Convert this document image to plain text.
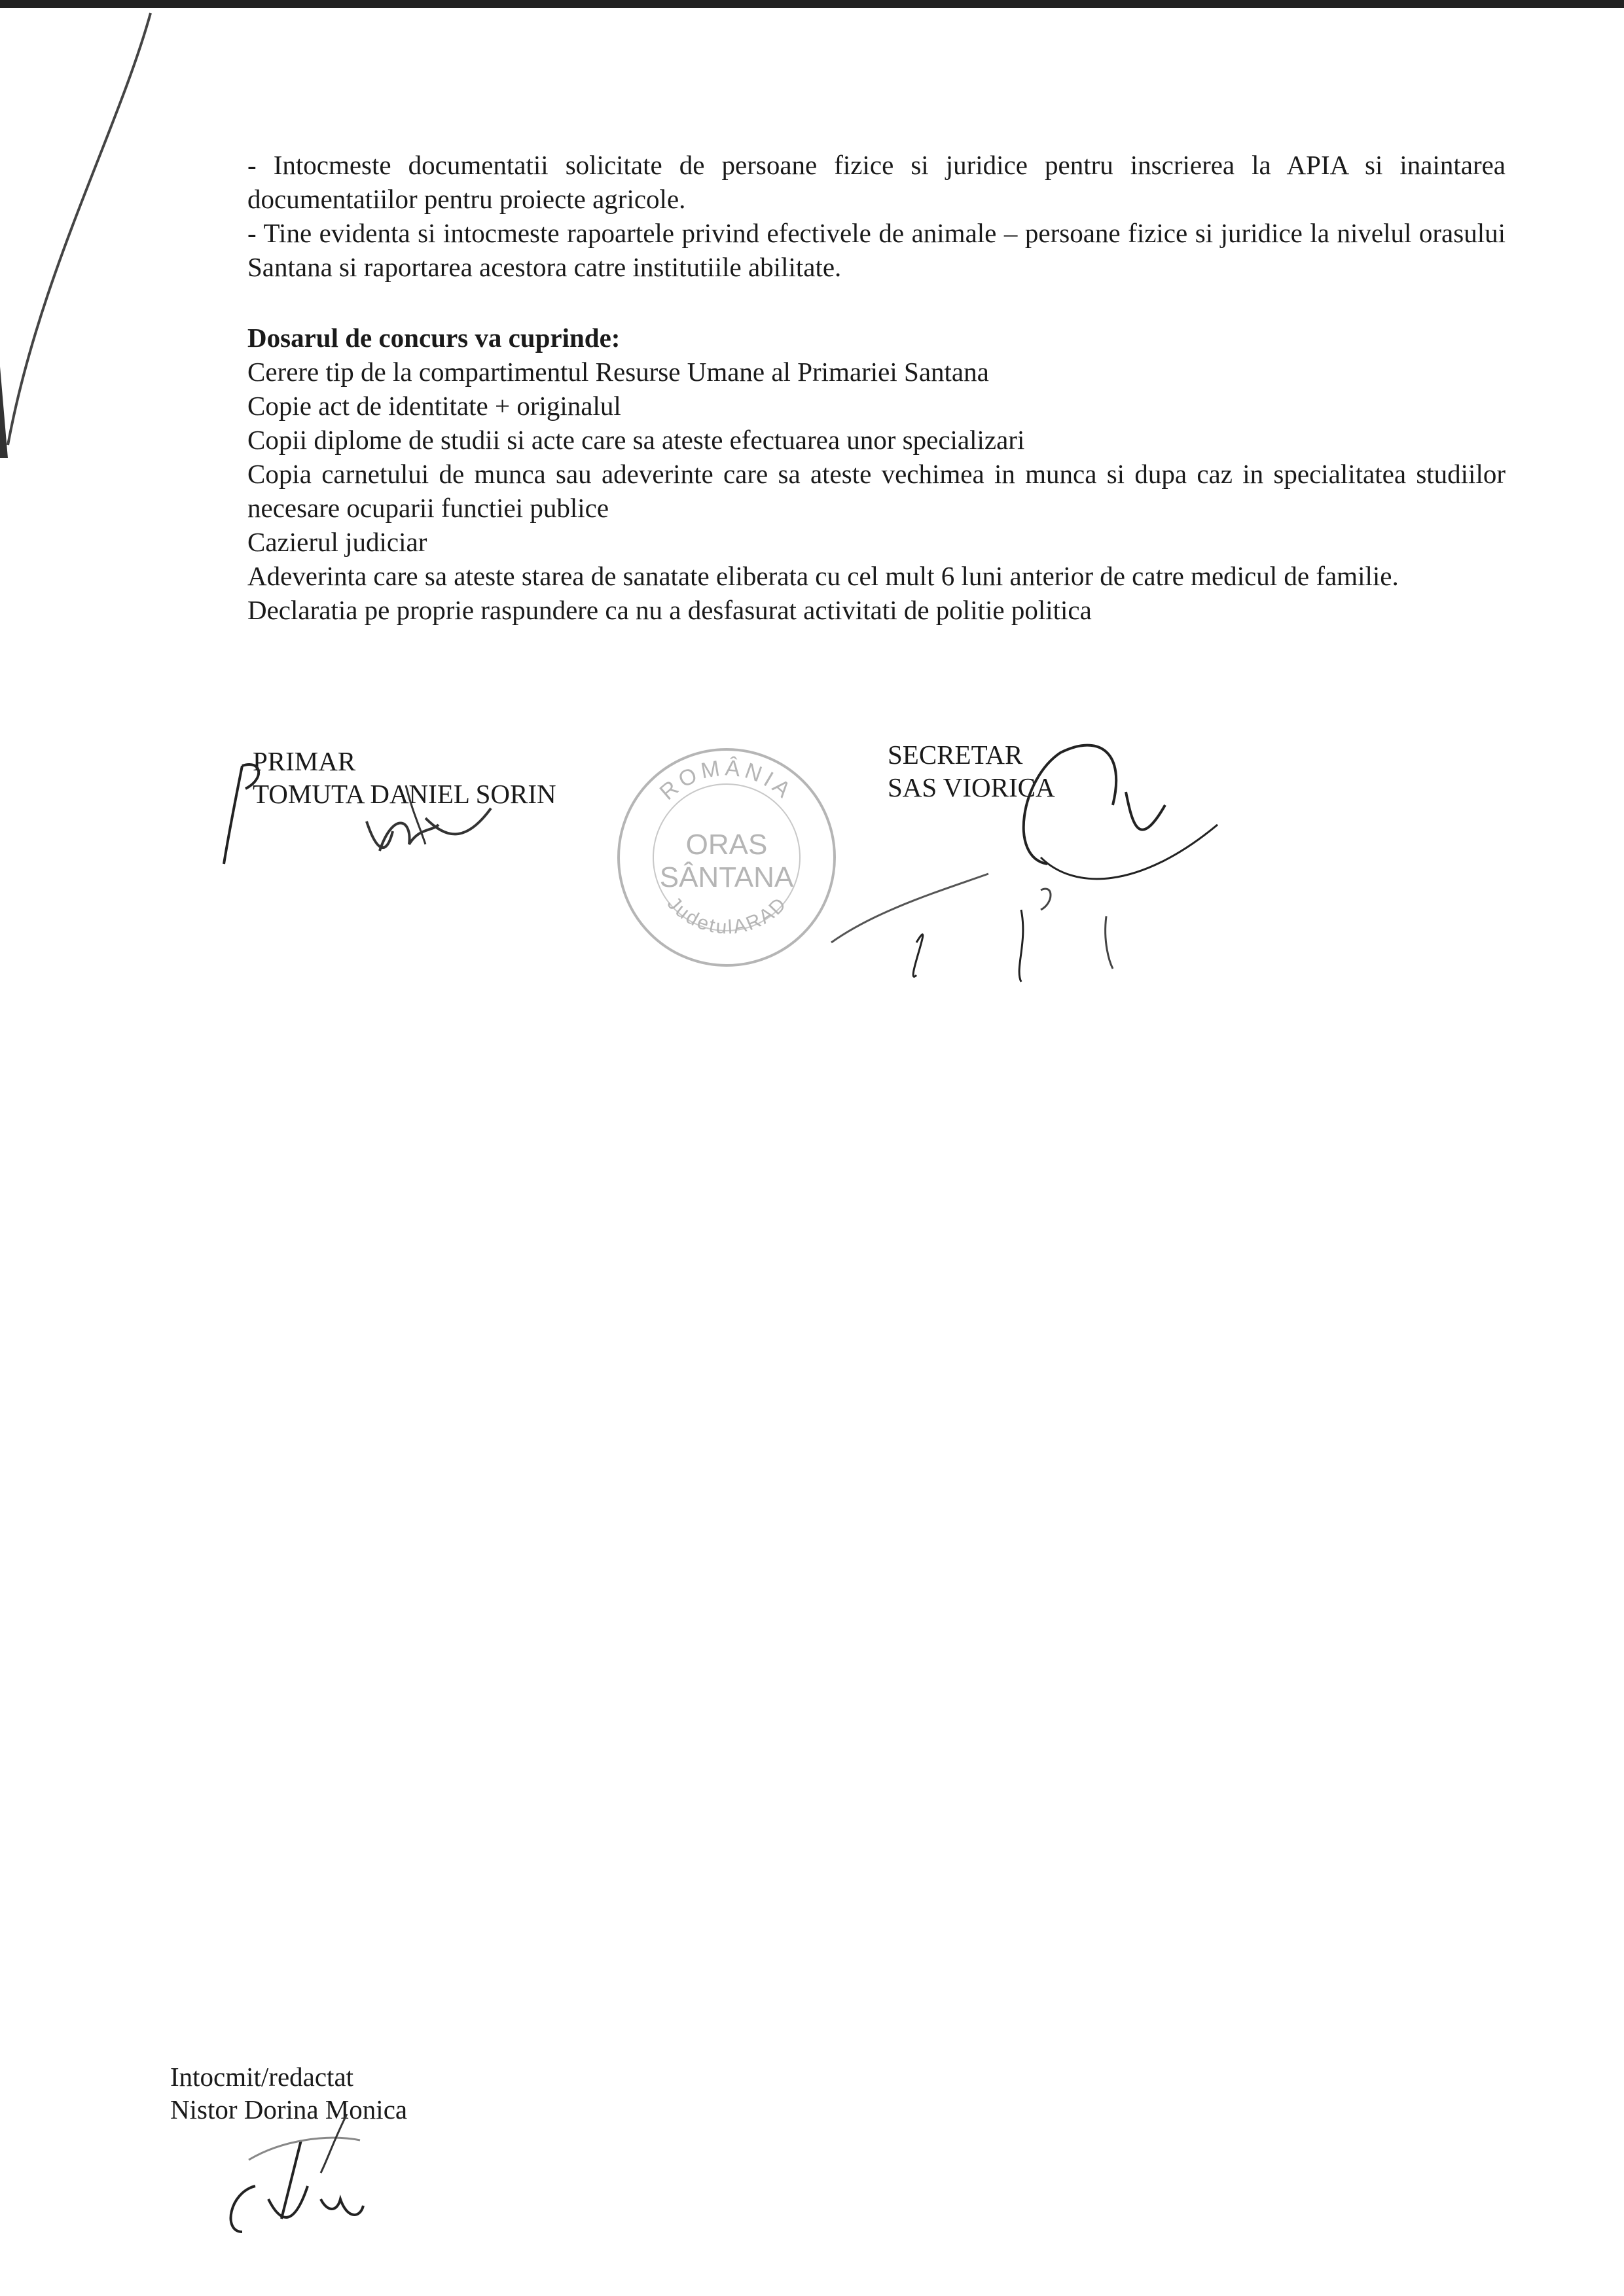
- Intocmeste documentatii solicitate de persoane fizice si juridice pentru inscrierea la APIA si inaintarea documentatiilor pentru proiecte agricole.

- Tine evidenta si intocmeste rapoartele privind efectivele de animale – persoane fizice si juridice la nivelul orasului Santana si raportarea acestora catre institutiile abilitate.

Dosarul de concurs va cuprinde:

Cerere tip de la compartimentul Resurse Umane al Primariei Santana

Copie act de identitate + originalul

Copii diplome de studii si acte care sa ateste efectuarea unor specializari

Copia carnetului de munca sau adeverinte care sa ateste vechimea in munca si dupa caz in specialitatea studiilor necesare ocuparii functiei publice

Cazierul judiciar

Adeverinta care sa ateste starea de sanatate eliberata cu cel mult 6 luni anterior de catre medicul de familie.

Declaratia pe proprie raspundere ca nu a desfasurat activitati de politie politica

PRIMAR
TOMUTA DANIEL SORIN
SECRETAR
SAS VIORICA
ROMÂNIA
ORAS
SÂNTANA
JudetulARAD
Intocmit/redactat
Nistor Dorina Monica
